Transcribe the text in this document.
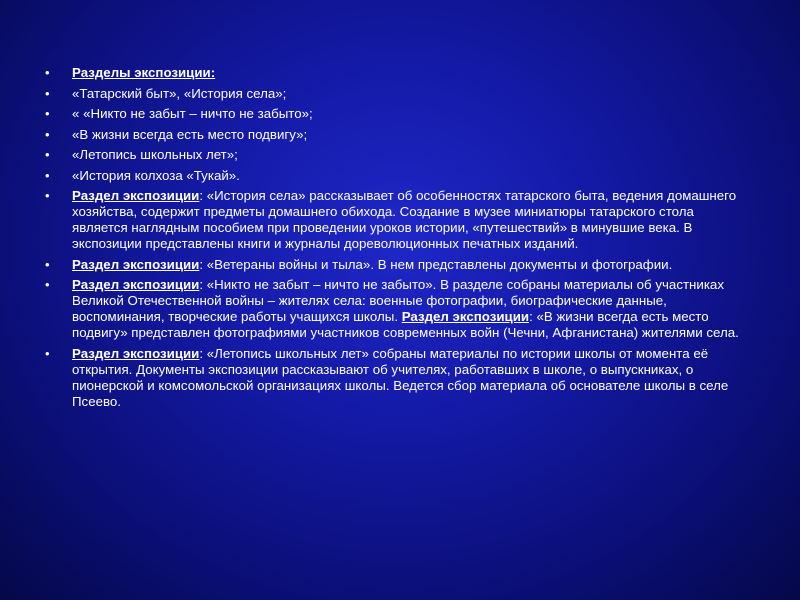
• Разделы экспозиции:
• «Татарский быт», «История села»;
• « «Никто не забыт – ничто не забыто»;
• «В жизни всегда есть место подвигу»;
• «Летопись школьных лет»;
• «История колхоза «Тукай».
• Раздел экспозиции: «История села» рассказывает об особенностях татарского быта, ведения домашнего хозяйства, содержит предметы домашнего обихода. Создание в музее миниатюры татарского стола является наглядным пособием при проведении уроков истории, «путешествий» в минувшие века. В экспозиции представлены книги и журналы дореволюционных печатных изданий.
• Раздел экспозиции: «Ветераны войны и тыла». В нем представлены документы и фотографии.
• Раздел экспозиции: «Никто не забыт – ничто не забыто». В разделе собраны материалы об участниках Великой Отечественной войны – жителях села: военные фотографии, биографические данные, воспоминания, творческие работы учащихся школы. Раздел экспозиции: «В жизни всегда есть место подвигу» представлен фотографиями участников современных войн (Чечни, Афганистана) жителями села.
• Раздел экспозиции: «Летопись школьных лет» собраны материалы по истории школы от момента её открытия. Документы экспозиции рассказывают об учителях, работавших в школе, о выпускниках, о пионерской и комсомольской организациях школы. Ведется сбор материала об основателе школы в селе Псеево.
